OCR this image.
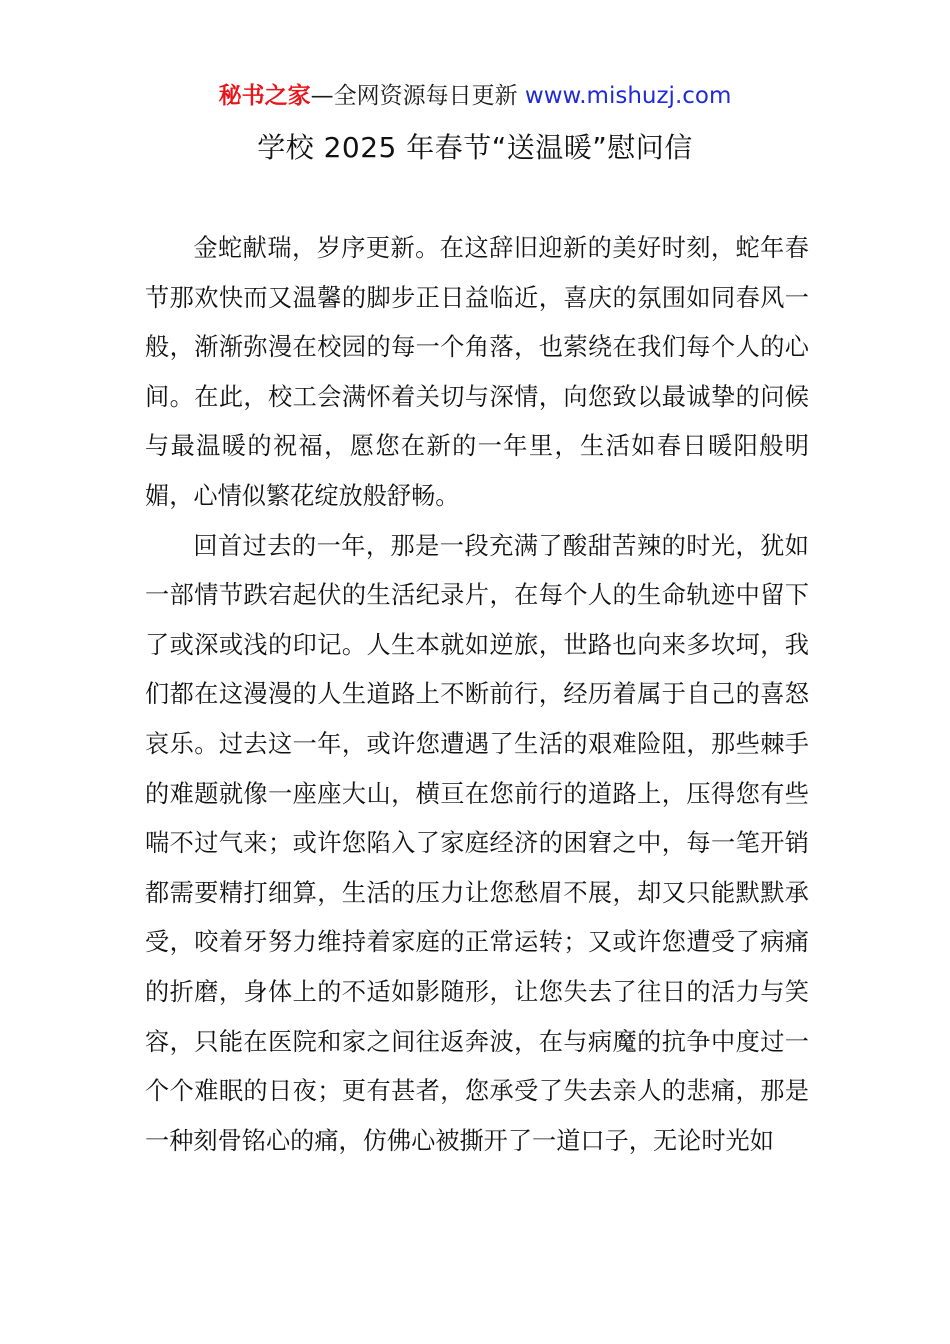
秘书之家—全网资源每日更新 www.mishuzj.com
学校 2025 年春节“送温暖”慰问信

金蛇献瑞，岁序更新。在这辞旧迎新的美好时刻，蛇年春节那欢快而又温馨的脚步正日益临近，喜庆的氛围如同春风一般，渐渐弥漫在校园的每一个角落，也萦绕在我们每个人的心间。在此，校工会满怀着关切与深情，向您致以最诚挚的问候与最温暖的祝福，愿您在新的一年里，生活如春日暖阳般明媚，心情似繁花绽放般舒畅。

回首过去的一年，那是一段充满了酸甜苦辣的时光，犹如一部情节跌宕起伏的生活纪录片，在每个人的生命轨迹中留下了或深或浅的印记。人生本就如逆旅，世路也向来多坎坷，我们都在这漫漫的人生道路上不断前行，经历着属于自己的喜怒哀乐。过去这一年，或许您遭遇了生活的艰难险阻，那些棘手的难题就像一座座大山，横亘在您前行的道路上，压得您有些喘不过气来；或许您陷入了家庭经济的困窘之中，每一笔开销都需要精打细算，生活的压力让您愁眉不展，却又只能默默承受，咬着牙努力维持着家庭的正常运转；又或许您遭受了病痛的折磨，身体上的不适如影随形，让您失去了往日的活力与笑容，只能在医院和家之间往返奔波，在与病魔的抗争中度过一个个难眠的日夜；更有甚者，您承受了失去亲人的悲痛，那是一种刻骨铭心的痛，仿佛心被撕开了一道口子，无论时光如
